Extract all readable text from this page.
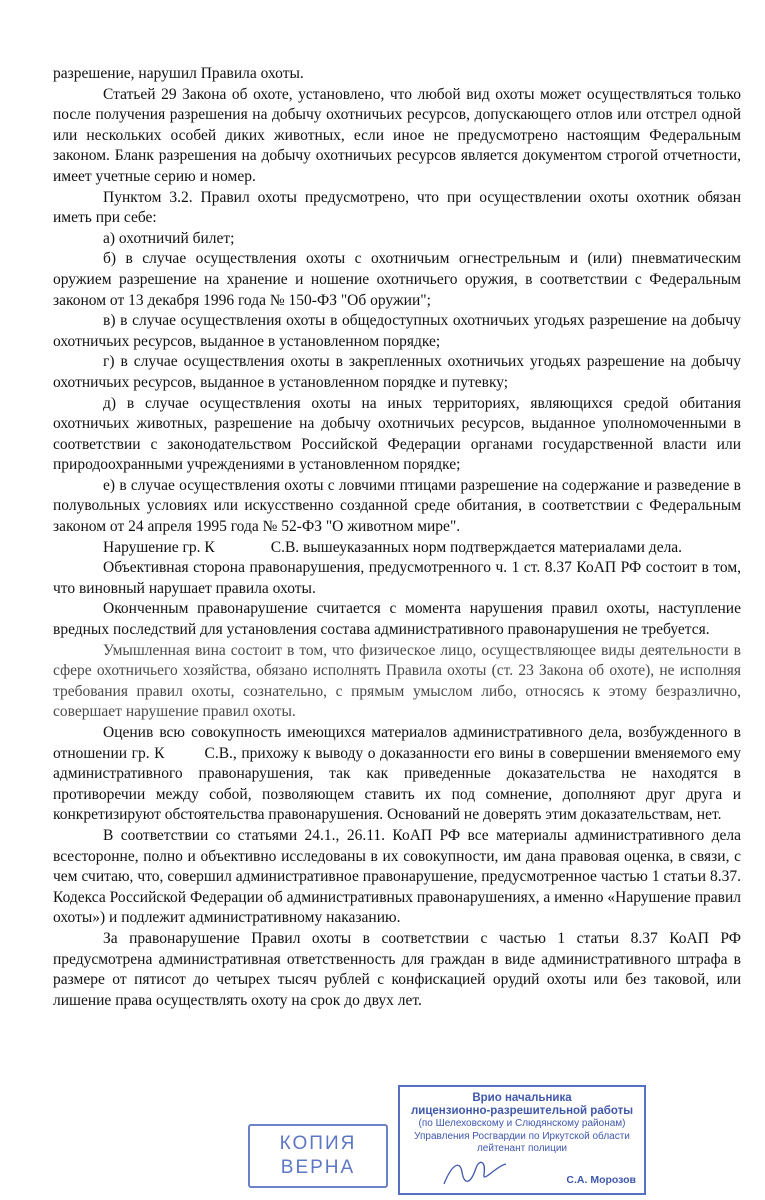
разрешение, нарушил Правила охоты.

Статьей 29 Закона об охоте, установлено, что любой вид охоты может осуществляться только после получения разрешения на добычу охотничьих ресурсов, допускающего отлов или отстрел одной или нескольких особей диких животных, если иное не предусмотрено настоящим Федеральным законом. Бланк разрешения на добычу охотничьих ресурсов является документом строгой отчетности, имеет учетные серию и номер.

Пунктом 3.2. Правил охоты предусмотрено, что при осуществлении охоты охотник обязан иметь при себе:

а) охотничий билет;

б) в случае осуществления охоты с охотничьим огнестрельным и (или) пневматическим оружием разрешение на хранение и ношение охотничьего оружия, в соответствии с Федеральным законом от 13 декабря 1996 года № 150-ФЗ "Об оружии";

в) в случае осуществления охоты в общедоступных охотничьих угодьях разрешение на добычу охотничьих ресурсов, выданное в установленном порядке;

г) в случае осуществления охоты в закрепленных охотничьих угодьях разрешение на добычу охотничьих ресурсов, выданное в установленном порядке и путевку;

д) в случае осуществления охоты на иных территориях, являющихся средой обитания охотничьих животных, разрешение на добычу охотничьих ресурсов, выданное уполномоченными в соответствии с законодательством Российской Федерации органами государственной власти или природоохранными учреждениями в установленном порядке;

е) в случае осуществления охоты с ловчими птицами разрешение на содержание и разведение в полувольных условиях или искусственно созданной среде обитания, в соответствии с Федеральным законом от 24 апреля 1995 года № 52-ФЗ "О животном мире".

Нарушение гр. К	С.В. вышеуказанных норм подтверждается материалами дела.

Объективная сторона правонарушения, предусмотренного ч. 1 ст. 8.37 КоАП РФ состоит в том, что виновный нарушает правила охоты.

Оконченным правонарушение считается с момента нарушения правил охоты, наступление вредных последствий для установления состава административного правонарушения не требуется.

Умышленная вина состоит в том, что физическое лицо, осуществляющее виды деятельности в сфере охотничьего хозяйства, обязано исполнять Правила охоты (ст. 23 Закона об охоте), не исполняя требования правил охоты, сознательно, с прямым умыслом либо, относясь к этому безразлично, совершает нарушение правил охоты.

Оценив всю совокупность имеющихся материалов административного дела, возбужденного в отношении гр. К	С.В., прихожу к выводу о доказанности его вины в совершении вменяемого ему административного правонарушения, так как приведенные доказательства не находятся в противоречии между собой, позволяющем ставить их под сомнение, дополняют друг друга и конкретизируют обстоятельства правонарушения. Оснований не доверять этим доказательствам, нет.

В соответствии со статьями 24.1., 26.11. КоАП РФ все материалы административного дела всесторонне, полно и объективно исследованы в их совокупности, им дана правовая оценка, в связи, с чем считаю, что, совершил административное правонарушение, предусмотренное частью 1 статьи 8.37. Кодекса Российской Федерации об административных правонарушениях, а именно «Нарушение правил охоты») и подлежит административному наказанию.

За правонарушение Правил охоты в соответствии с частью 1 статьи 8.37 КоАП РФ предусмотрена административная ответственность для граждан в виде административного штрафа в размере от пятисот до четырех тысяч рублей с конфискацией орудий охоты или без таковой, или лишение права осуществлять охоту на срок до двух лет.

КОПИЯ
ВЕРНА
Врио начальника
лицензионно-разрешительной работы
(по Шелеховскому и Слюдянскому районам)
Управления Росгвардии по Иркутской области
лейтенант полиции
С.А. Морозов
